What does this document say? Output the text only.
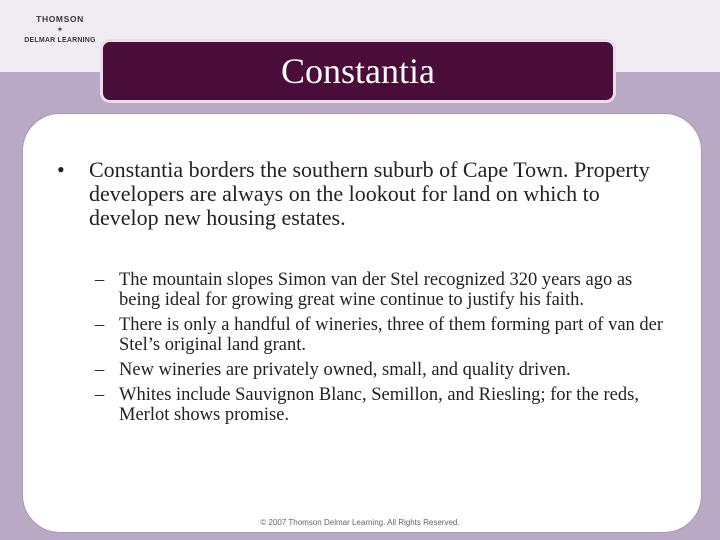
THOMSON
✶
DELMAR LEARNING
Constantia
• Constantia borders the southern suburb of Cape Town. Property developers are always on the lookout for land on which to develop new housing estates.
– The mountain slopes Simon van der Stel recognized 320 years ago as being ideal for growing great wine continue to justify his faith.
– There is only a handful of wineries, three of them forming part of van der Stel’s original land grant.
– New wineries are privately owned, small, and quality driven.
– Whites include Sauvignon Blanc, Semillon, and Riesling; for the reds, Merlot shows promise.
© 2007 Thomson Delmar Learning. All Rights Reserved.
